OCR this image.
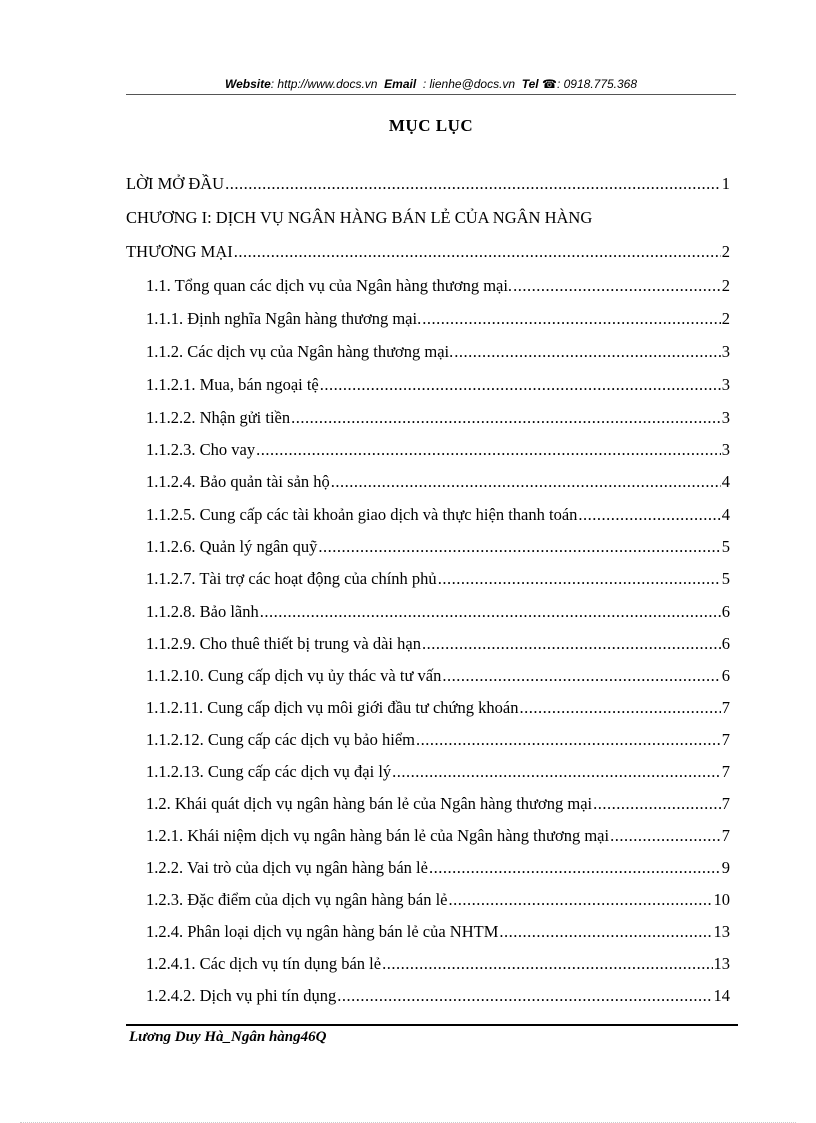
Website: http://www.docs.vn Email : lienhe@docs.vn Tel ☎: 0918.775.368
MỤC LỤC
LỜI MỞ ĐẦU .....	1
CHƯƠNG I: DỊCH VỤ NGÂN HÀNG BÁN LẺ CỦA NGÂN HÀNG
THƯƠNG MẠI .....	2
1.1. Tổng quan các dịch vụ của Ngân hàng thương mại. .....	2
1.1.1. Định nghĩa Ngân hàng thương mại. .....	2
1.1.2. Các dịch vụ của Ngân hàng thương mại. .....	3
1.1.2.1. Mua, bán ngoại tệ .....	3
1.1.2.2. Nhận gửi tiền .....	3
1.1.2.3. Cho vay .....	3
1.1.2.4. Bảo quản tài sản hộ .....	4
1.1.2.5. Cung cấp các tài khoản giao dịch và thực hiện thanh toán .....	4
1.1.2.6. Quản lý ngân quỹ .....	5
1.1.2.7. Tài trợ các hoạt động của chính phủ .....	5
1.1.2.8. Bảo lãnh .....	6
1.1.2.9. Cho thuê thiết bị trung và dài hạn .....	6
1.1.2.10. Cung cấp dịch vụ ủy thác và tư vấn .....	6
1.1.2.11. Cung cấp dịch vụ môi giới đầu tư chứng khoán .....	7
1.1.2.12. Cung cấp các dịch vụ bảo hiểm .....	7
1.1.2.13. Cung cấp các dịch vụ đại lý .....	7
1.2. Khái quát dịch vụ ngân hàng bán lẻ của Ngân hàng thương mại .....	7
1.2.1. Khái niệm dịch vụ ngân hàng bán lẻ của Ngân hàng thương mại .....	7
1.2.2. Vai trò của dịch vụ ngân hàng bán lẻ .....	9
1.2.3. Đặc điểm của dịch vụ ngân hàng bán lẻ .....	10
1.2.4. Phân loại dịch vụ ngân hàng bán lẻ của NHTM .....	13
1.2.4.1. Các dịch vụ tín dụng bán lẻ .....	13
1.2.4.2. Dịch vụ phi tín dụng .....	14
Lương Duy Hà_Ngân hàng46Q
